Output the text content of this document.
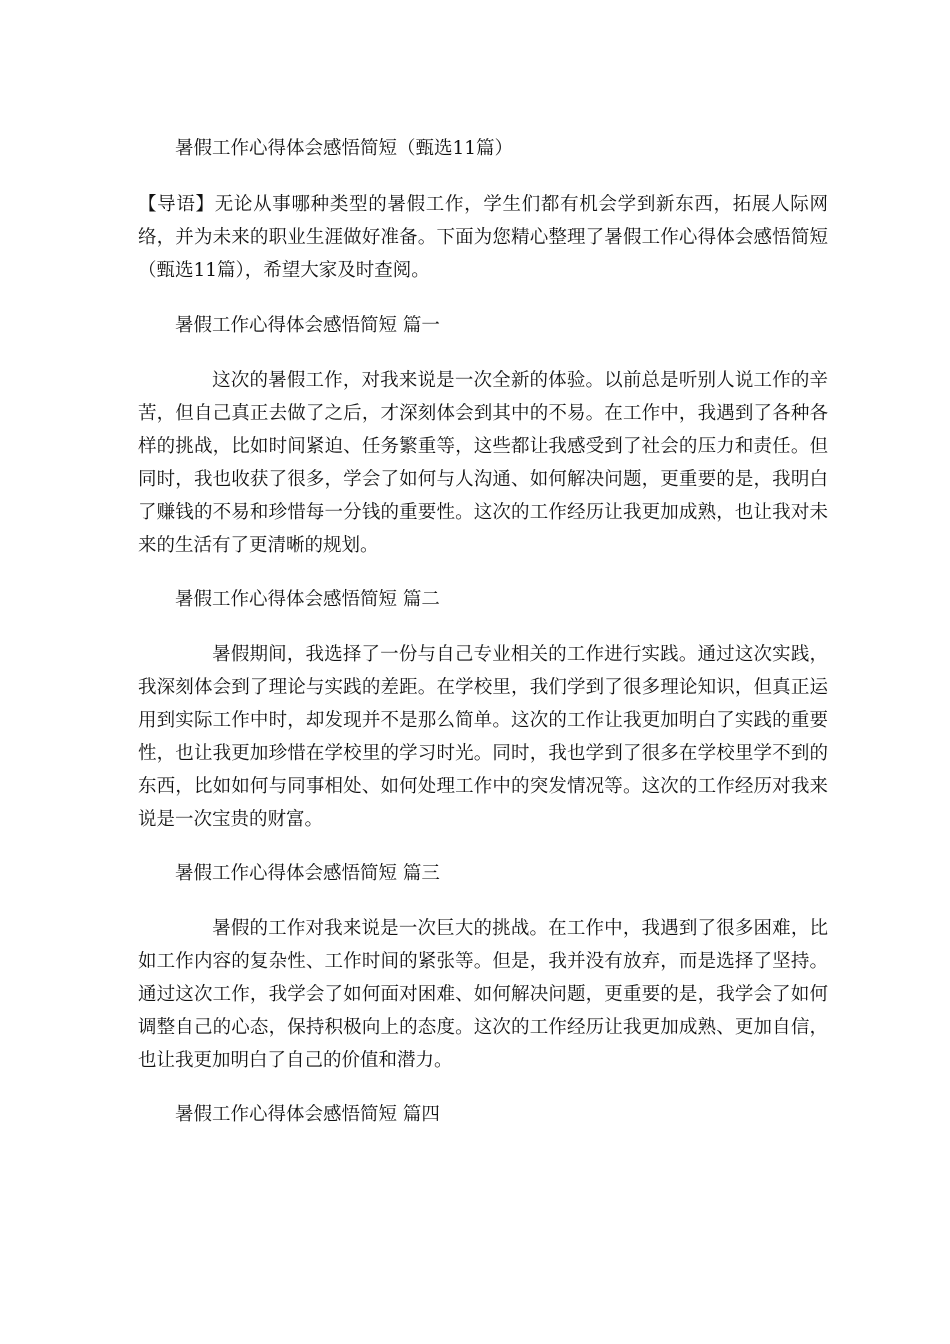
暑假工作心得体会感悟简短（甄选11篇）

【导语】无论从事哪种类型的暑假工作，学生们都有机会学到新东西，拓展人际网络，并为未来的职业生涯做好准备。下面为您精心整理了暑假工作心得体会感悟简短（甄选11篇），希望大家及时查阅。

暑假工作心得体会感悟简短 篇一

这次的暑假工作，对我来说是一次全新的体验。以前总是听别人说工作的辛苦，但自己真正去做了之后，才深刻体会到其中的不易。在工作中，我遇到了各种各样的挑战，比如时间紧迫、任务繁重等，这些都让我感受到了社会的压力和责任。但同时，我也收获了很多，学会了如何与人沟通、如何解决问题，更重要的是，我明白了赚钱的不易和珍惜每一分钱的重要性。这次的工作经历让我更加成熟，也让我对未来的生活有了更清晰的规划。

暑假工作心得体会感悟简短 篇二

暑假期间，我选择了一份与自己专业相关的工作进行实践。通过这次实践，我深刻体会到了理论与实践的差距。在学校里，我们学到了很多理论知识，但真正运用到实际工作中时，却发现并不是那么简单。这次的工作让我更加明白了实践的重要性，也让我更加珍惜在学校里的学习时光。同时，我也学到了很多在学校里学不到的东西，比如如何与同事相处、如何处理工作中的突发情况等。这次的工作经历对我来说是一次宝贵的财富。

暑假工作心得体会感悟简短 篇三

暑假的工作对我来说是一次巨大的挑战。在工作中，我遇到了很多困难，比如工作内容的复杂性、工作时间的紧张等。但是，我并没有放弃，而是选择了坚持。通过这次工作，我学会了如何面对困难、如何解决问题，更重要的是，我学会了如何调整自己的心态，保持积极向上的态度。这次的工作经历让我更加成熟、更加自信，也让我更加明白了自己的价值和潜力。

暑假工作心得体会感悟简短 篇四
